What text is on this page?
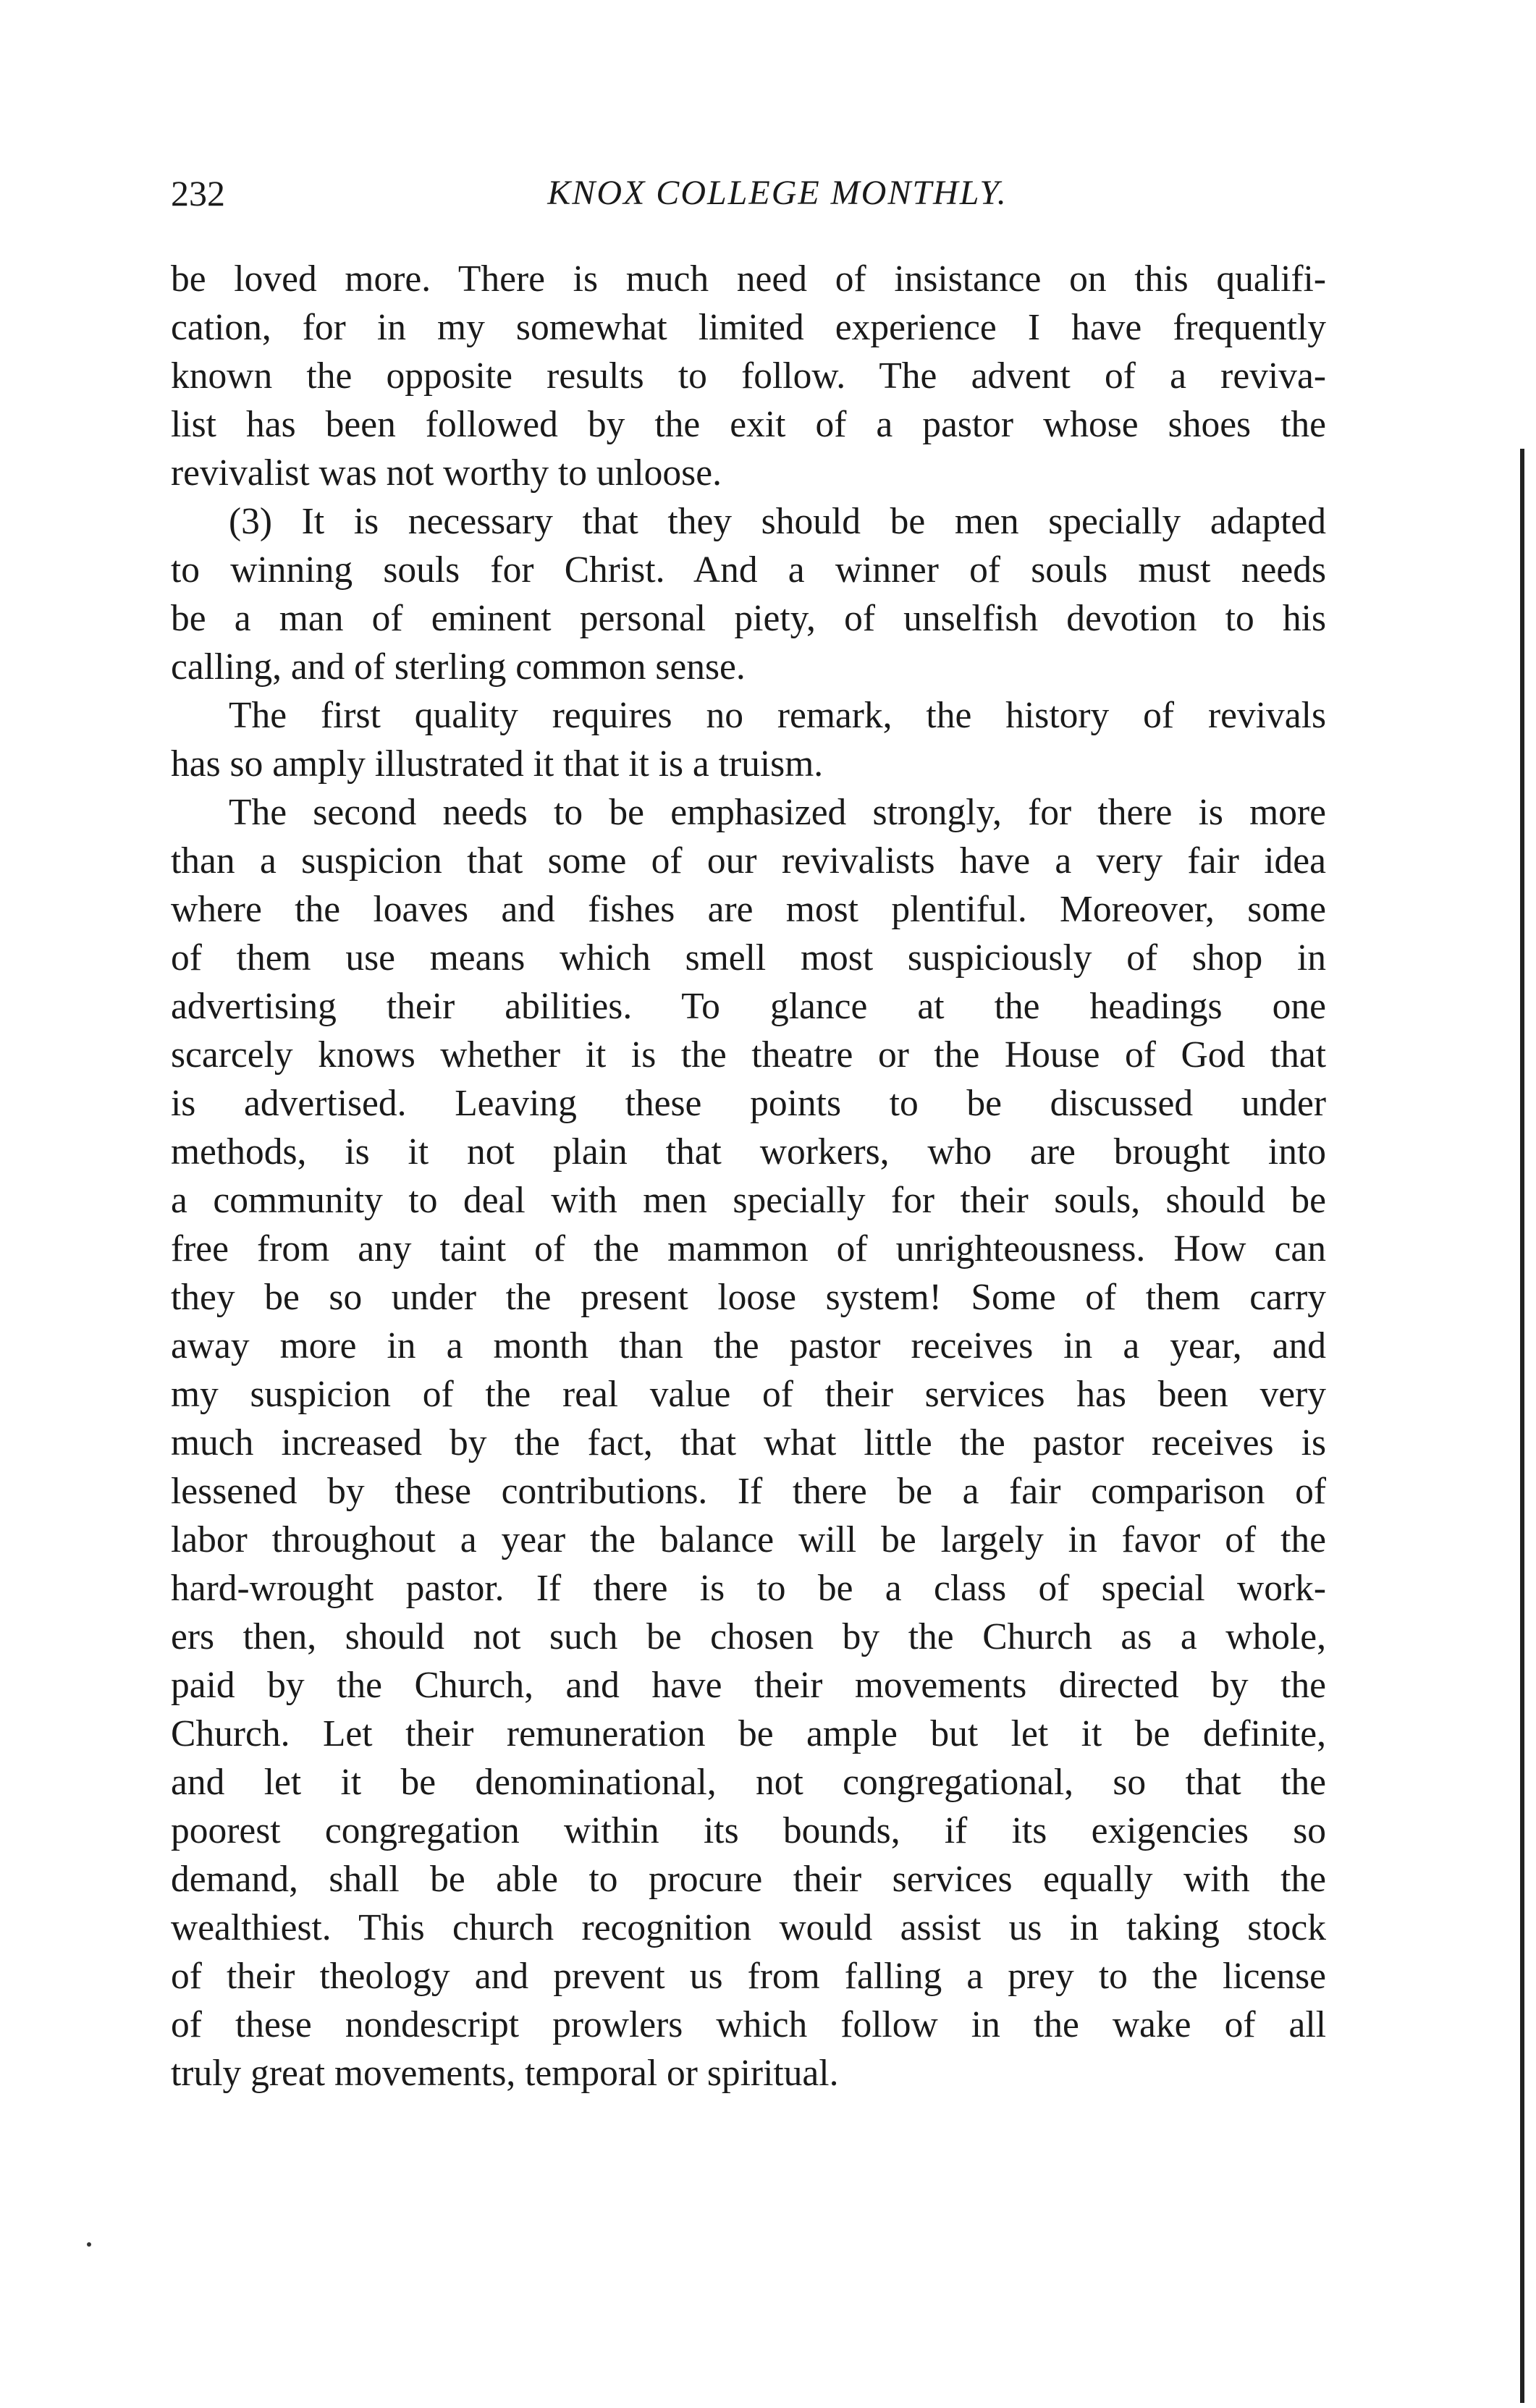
232	KNOX COLLEGE MONTHLY.
be loved more. There is much need of insistance on this qualifi-
cation, for in my somewhat limited experience I have frequently
known the opposite results to follow. The advent of a reviva-
list has been followed by the exit of a pastor whose shoes the
revivalist was not worthy to unloose.
(3) It is necessary that they should be men specially adapted
to winning souls for Christ. And a winner of souls must needs
be a man of eminent personal piety, of unselfish devotion to his
calling, and of sterling common sense.
The first quality requires no remark, the history of revivals
has so amply illustrated it that it is a truism.
The second needs to be emphasized strongly, for there is more
than a suspicion that some of our revivalists have a very fair idea
where the loaves and fishes are most plentiful. Moreover, some
of them use means which smell most suspiciously of shop in
advertising their abilities. To glance at the headings one
scarcely knows whether it is the theatre or the House of God that
is advertised. Leaving these points to be discussed under
methods, is it not plain that workers, who are brought into
a community to deal with men specially for their souls, should be
free from any taint of the mammon of unrighteousness. How can
they be so under the present loose system! Some of them carry
away more in a month than the pastor receives in a year, and
my suspicion of the real value of their services has been very
much increased by the fact, that what little the pastor receives is
lessened by these contributions. If there be a fair comparison of
labor throughout a year the balance will be largely in favor of the
hard-wrought pastor. If there is to be a class of special work-
ers then, should not such be chosen by the Church as a whole,
paid by the Church, and have their movements directed by the
Church. Let their remuneration be ample but let it be definite,
and let it be denominational, not congregational, so that the
poorest congregation within its bounds, if its exigencies so
demand, shall be able to procure their services equally with the
wealthiest. This church recognition would assist us in taking stock
of their theology and prevent us from falling a prey to the license
of these nondescript prowlers which follow in the wake of all
truly great movements, temporal or spiritual.
